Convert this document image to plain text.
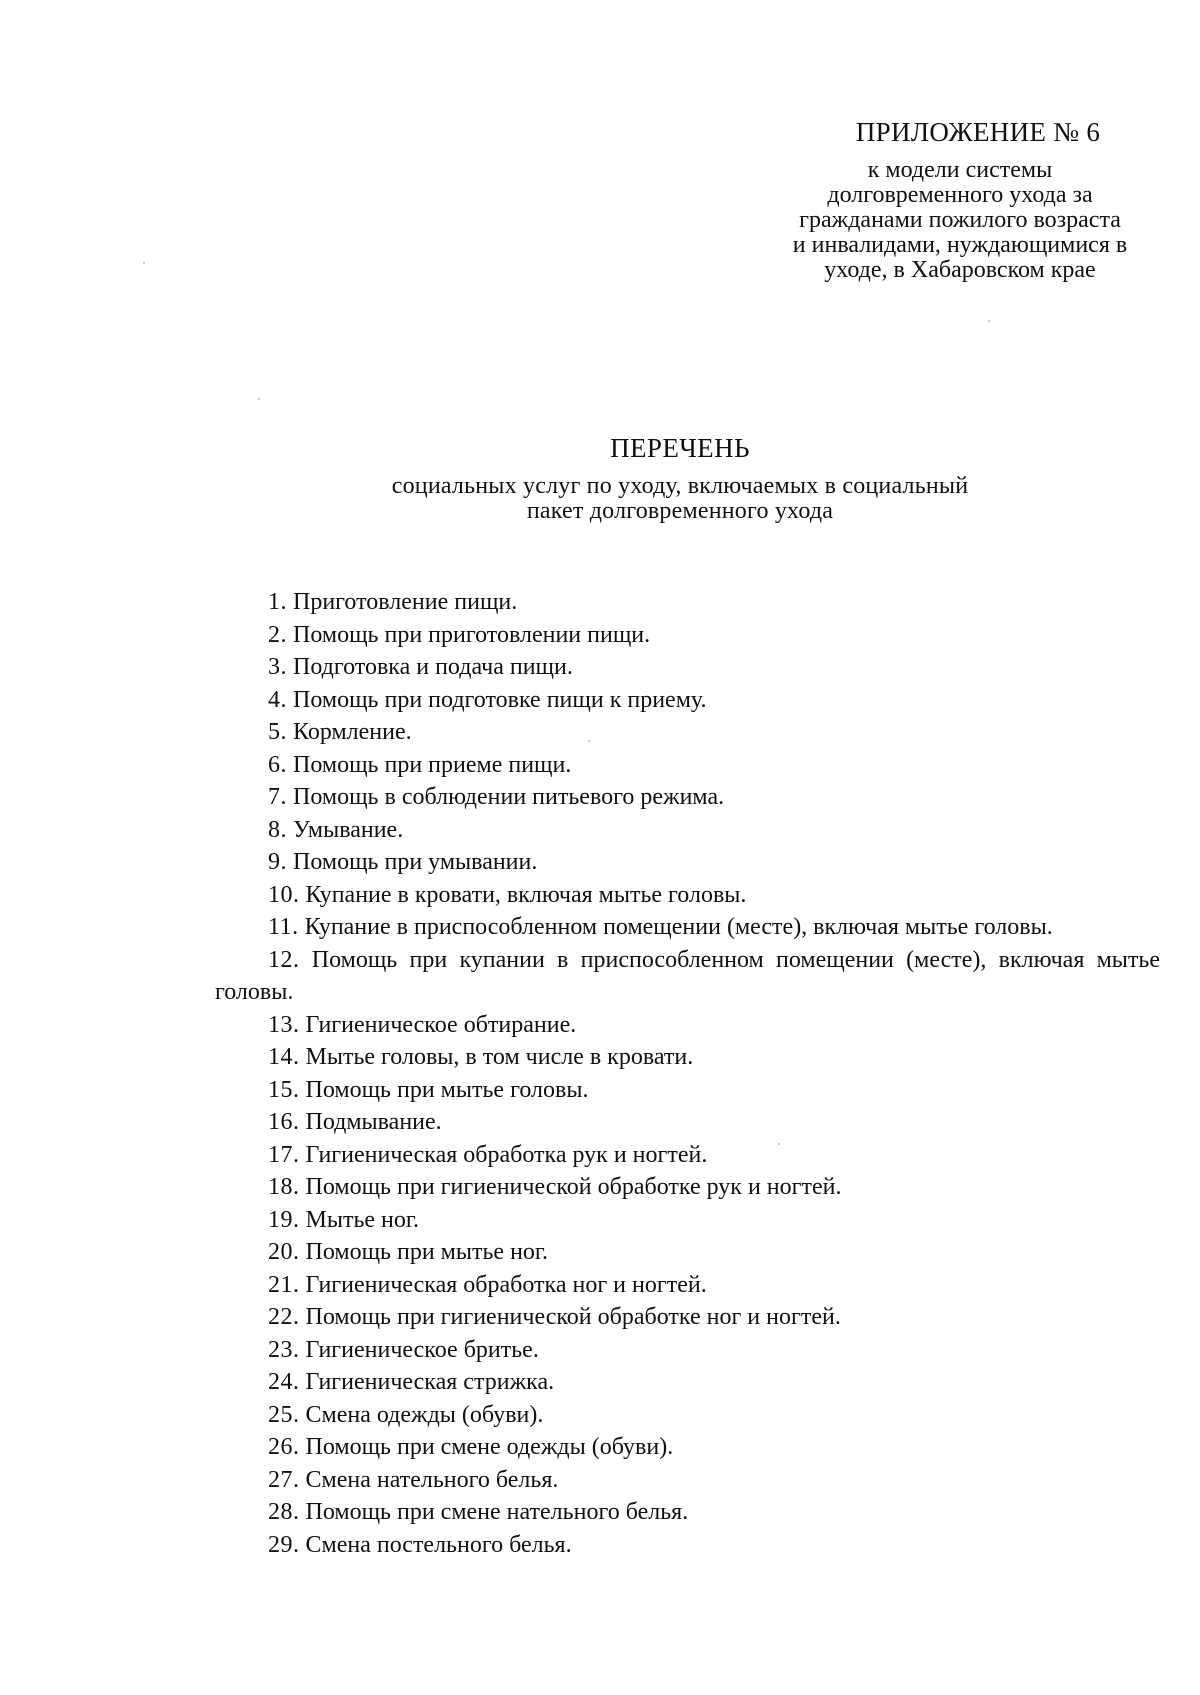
ПРИЛОЖЕНИЕ № 6
к модели системы
долговременного ухода за
гражданами пожилого возраста
и инвалидами, нуждающимися в
уходе, в Хабаровском крае
ПЕРЕЧЕНЬ
социальных услуг по уходу, включаемых в социальный
пакет долговременного ухода
1. Приготовление пищи.
2. Помощь при приготовлении пищи.
3. Подготовка и подача пищи.
4. Помощь при подготовке пищи к приему.
5. Кормление.
6. Помощь при приеме пищи.
7. Помощь в соблюдении питьевого режима.
8. Умывание.
9. Помощь при умывании.
10. Купание в кровати, включая мытье головы.
11. Купание в приспособленном помещении (месте), включая мытье головы.
12. Помощь при купании в приспособленном помещении (месте), включая мытье головы.
13. Гигиеническое обтирание.
14. Мытье головы, в том числе в кровати.
15. Помощь при мытье головы.
16. Подмывание.
17. Гигиеническая обработка рук и ногтей.
18. Помощь при гигиенической обработке рук и ногтей.
19. Мытье ног.
20. Помощь при мытье ног.
21. Гигиеническая обработка ног и ногтей.
22. Помощь при гигиенической обработке ног и ногтей.
23. Гигиеническое бритье.
24. Гигиеническая стрижка.
25. Смена одежды (обуви).
26. Помощь при смене одежды (обуви).
27. Смена нательного белья.
28. Помощь при смене нательного белья.
29. Смена постельного белья.
